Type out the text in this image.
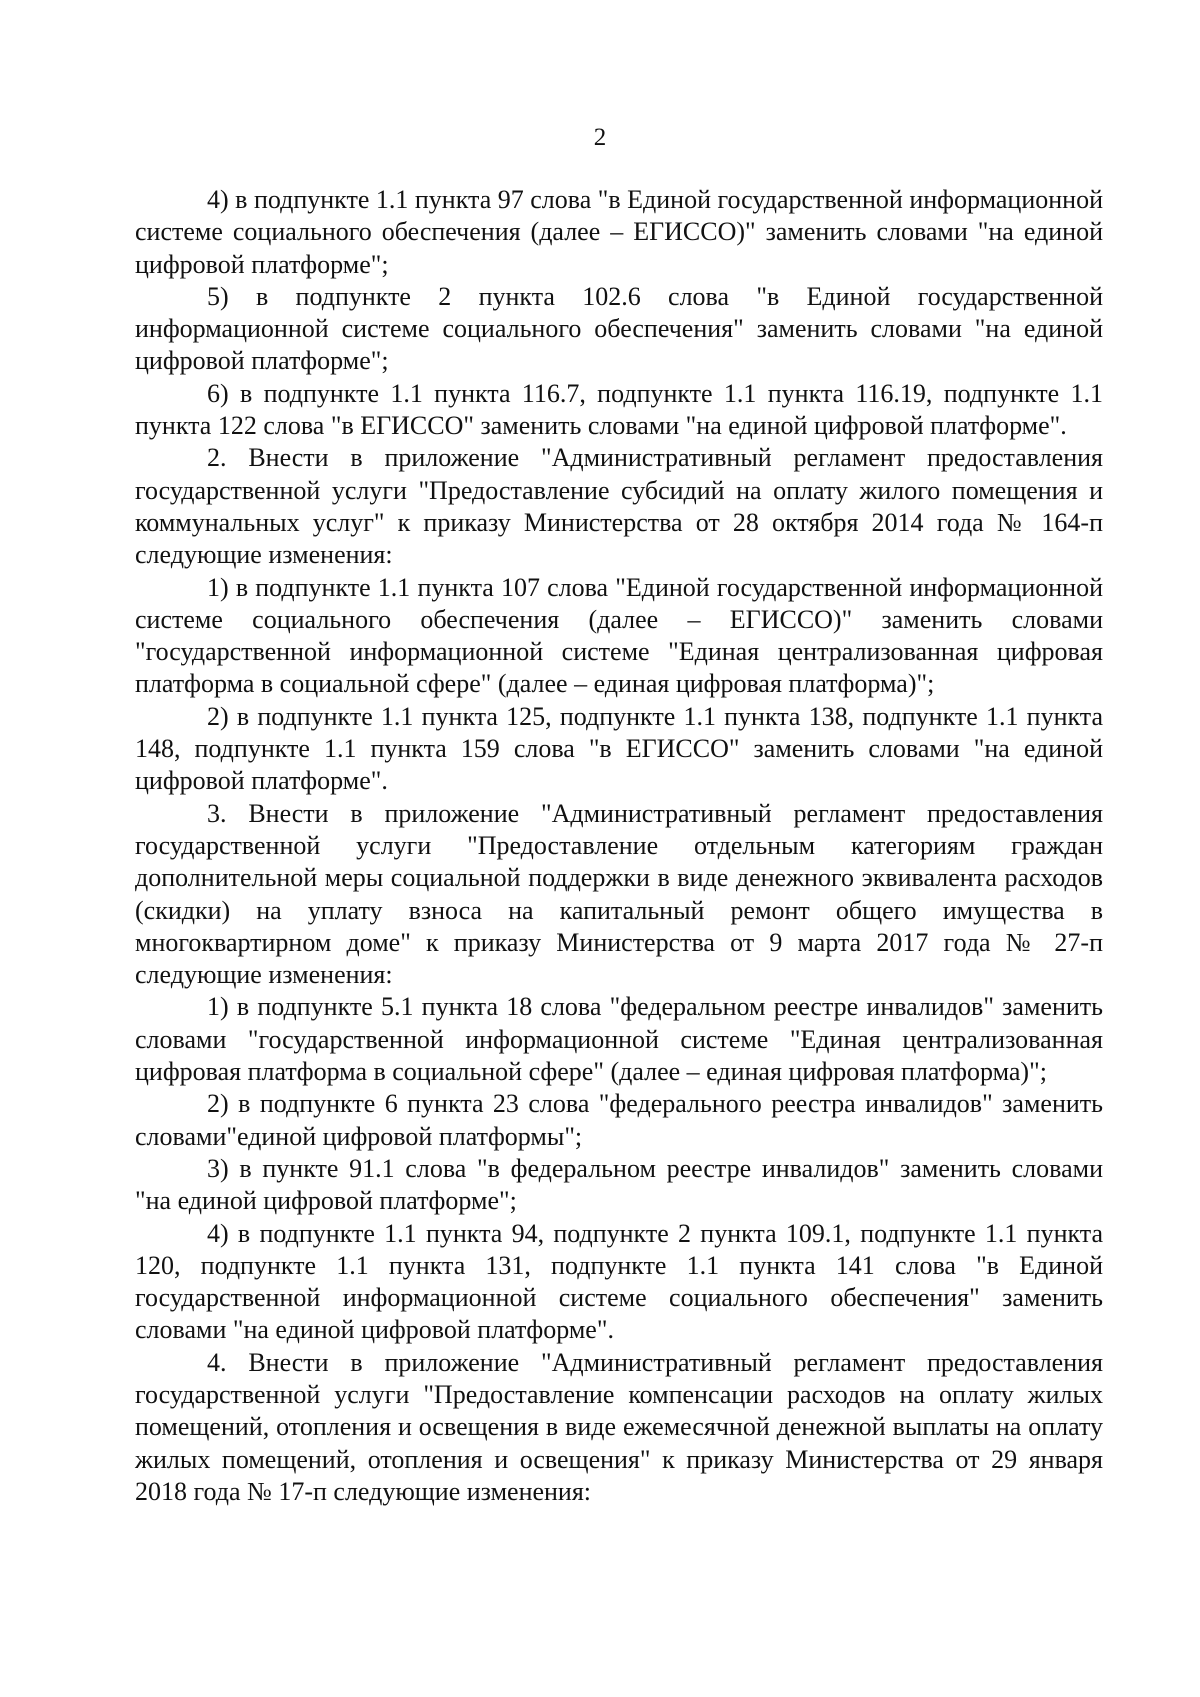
2

4) в подпункте 1.1 пункта 97 слова "в Единой государственной информационной системе социального обеспечения (далее – ЕГИССО)" заменить словами "на единой цифровой платформе";

5) в подпункте 2 пункта 102.6 слова "в Единой государственной информационной системе социального обеспечения" заменить словами "на единой цифровой платформе";

6) в подпункте 1.1 пункта 116.7, подпункте 1.1 пункта 116.19, подпункте 1.1 пункта 122 слова "в ЕГИССО" заменить словами "на единой цифровой платформе".

2. Внести в приложение "Административный регламент предоставления государственной услуги "Предоставление субсидий на оплату жилого помещения и коммунальных услуг" к приказу Министерства от 28 октября 2014 года № 164-п следующие изменения:

1) в подпункте 1.1 пункта 107 слова "Единой государственной информационной системе социального обеспечения (далее – ЕГИССО)" заменить словами "государственной информационной системе "Единая централизованная цифровая платформа в социальной сфере" (далее – единая цифровая платформа)";

2) в подпункте 1.1 пункта 125, подпункте 1.1 пункта 138, подпункте 1.1 пункта 148, подпункте 1.1 пункта 159 слова "в ЕГИССО" заменить словами "на единой цифровой платформе".

3. Внести в приложение "Административный регламент предоставления государственной услуги "Предоставление отдельным категориям граждан дополнительной меры социальной поддержки в виде денежного эквивалента расходов (скидки) на уплату взноса на капитальный ремонт общего имущества в многоквартирном доме" к приказу Министерства от 9 марта 2017 года № 27-п следующие изменения:

1) в подпункте 5.1 пункта 18 слова "федеральном реестре инвалидов" заменить словами "государственной информационной системе "Единая централизованная цифровая платформа в социальной сфере" (далее – единая цифровая платформа)";

2) в подпункте 6 пункта 23 слова "федерального реестра инвалидов" заменить словами"единой цифровой платформы";

3) в пункте 91.1 слова "в федеральном реестре инвалидов" заменить словами "на единой цифровой платформе";

4) в подпункте 1.1 пункта 94, подпункте 2 пункта 109.1, подпункте 1.1 пункта 120, подпункте 1.1 пункта 131, подпункте 1.1 пункта 141 слова "в Единой государственной информационной системе социального обеспечения" заменить словами "на единой цифровой платформе".

4. Внести в приложение "Административный регламент предоставления государственной услуги "Предоставление компенсации расходов на оплату жилых помещений, отопления и освещения в виде ежемесячной денежной выплаты на оплату жилых помещений, отопления и освещения" к приказу Министерства от 29 января 2018 года № 17-п следующие изменения:
